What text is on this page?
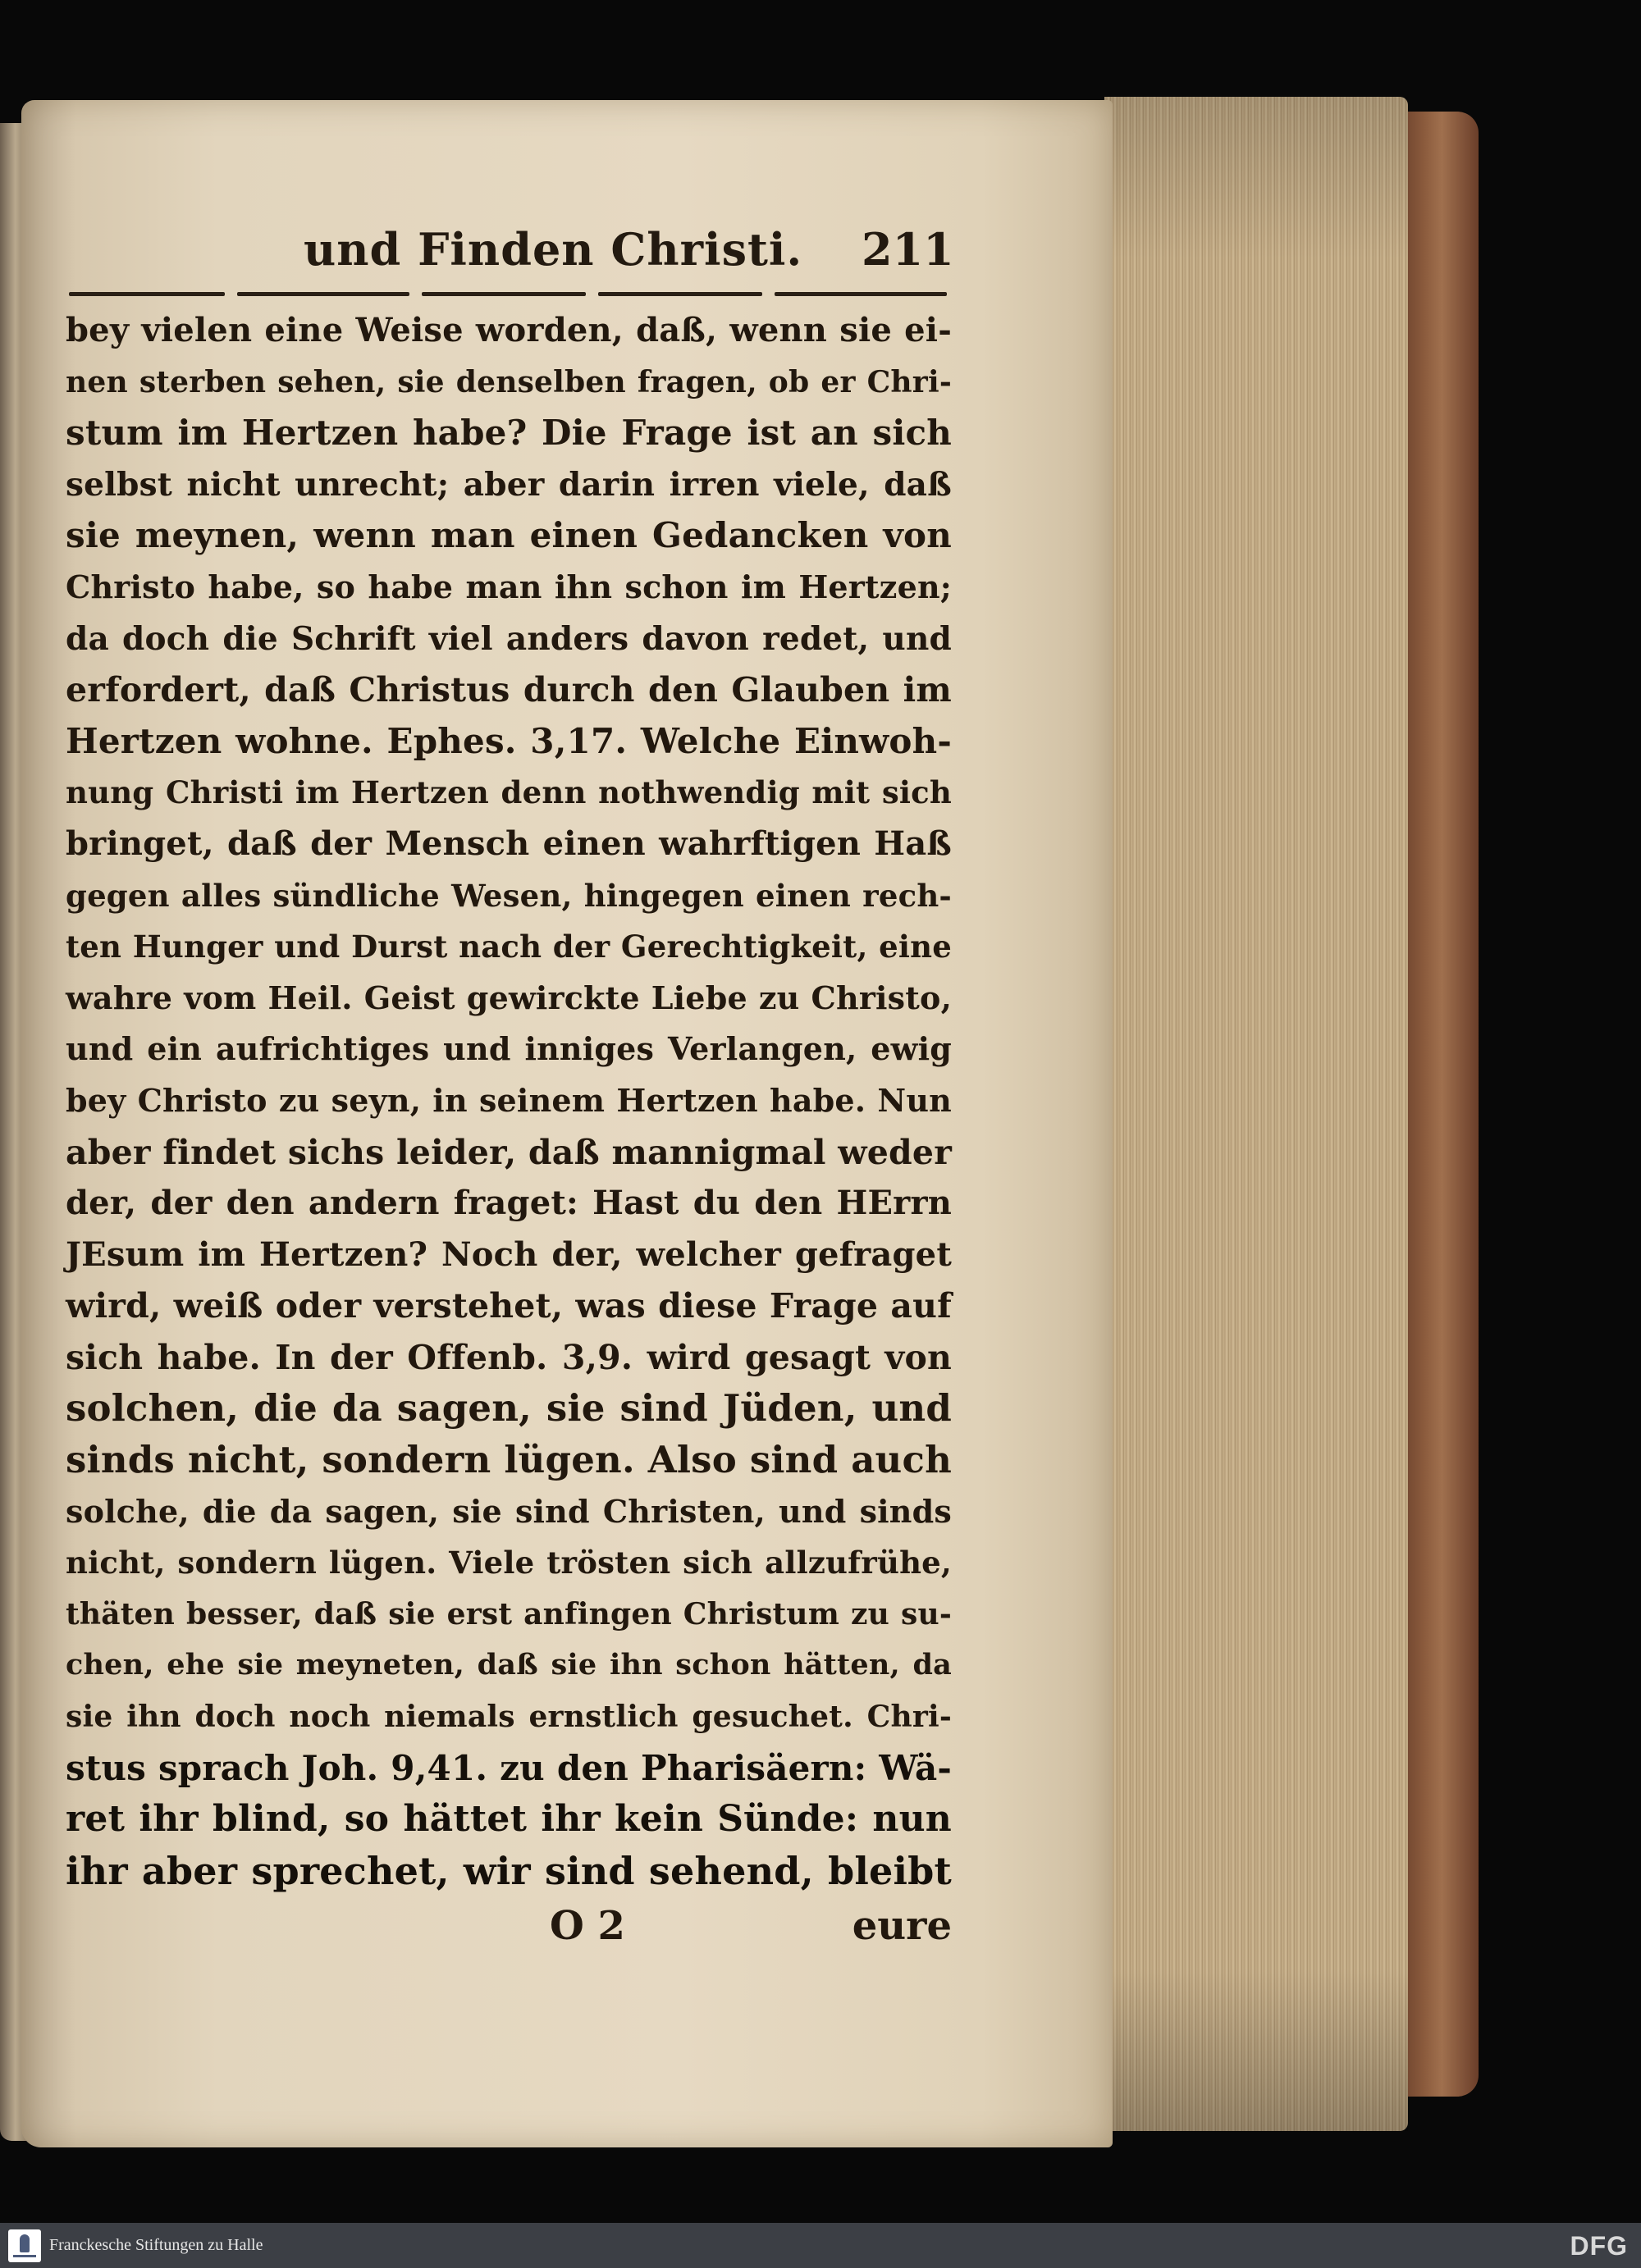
und Finden Christi. 211
bey vielen eine Weise worden, daß, wenn sie ei-
nen sterben sehen, sie denselben fragen, ob er Chri-
stum im Hertzen habe? Die Frage ist an sich
selbst nicht unrecht; aber darin irren viele, daß
sie meynen, wenn man einen Gedancken von
Christo habe, so habe man ihn schon im Hertzen;
da doch die Schrift viel anders davon redet, und
erfordert, daß Christus durch den Glauben im
Hertzen wohne. Ephes. 3,17. Welche Einwoh-
nung Christi im Hertzen denn nothwendig mit sich
bringet, daß der Mensch einen wahrftigen Haß
gegen alles sündliche Wesen, hingegen einen rech-
ten Hunger und Durst nach der Gerechtigkeit, eine
wahre vom Heil. Geist gewirckte Liebe zu Christo,
und ein aufrichtiges und inniges Verlangen, ewig
bey Christo zu seyn, in seinem Hertzen habe. Nun
aber findet sichs leider, daß mannigmal weder
der, der den andern fraget: Hast du den HErrn
JEsum im Hertzen? Noch der, welcher gefraget
wird, weiß oder verstehet, was diese Frage auf
sich habe. In der Offenb. 3,9. wird gesagt von
solchen, die da sagen, sie sind Jüden, und
sinds nicht, sondern lügen. Also sind auch
solche, die da sagen, sie sind Christen, und sinds
nicht, sondern lügen. Viele trösten sich allzufrühe,
thäten besser, daß sie erst anfingen Christum zu su-
chen, ehe sie meyneten, daß sie ihn schon hätten, da
sie ihn doch noch niemals ernstlich gesuchet. Chri-
stus sprach Joh. 9,41. zu den Pharisäern: Wä-
ret ihr blind, so hättet ihr kein Sünde: nun
ihr aber sprechet, wir sind sehend, bleibt
O 2	eure
Franckesche Stiftungen zu Halle	DFG
